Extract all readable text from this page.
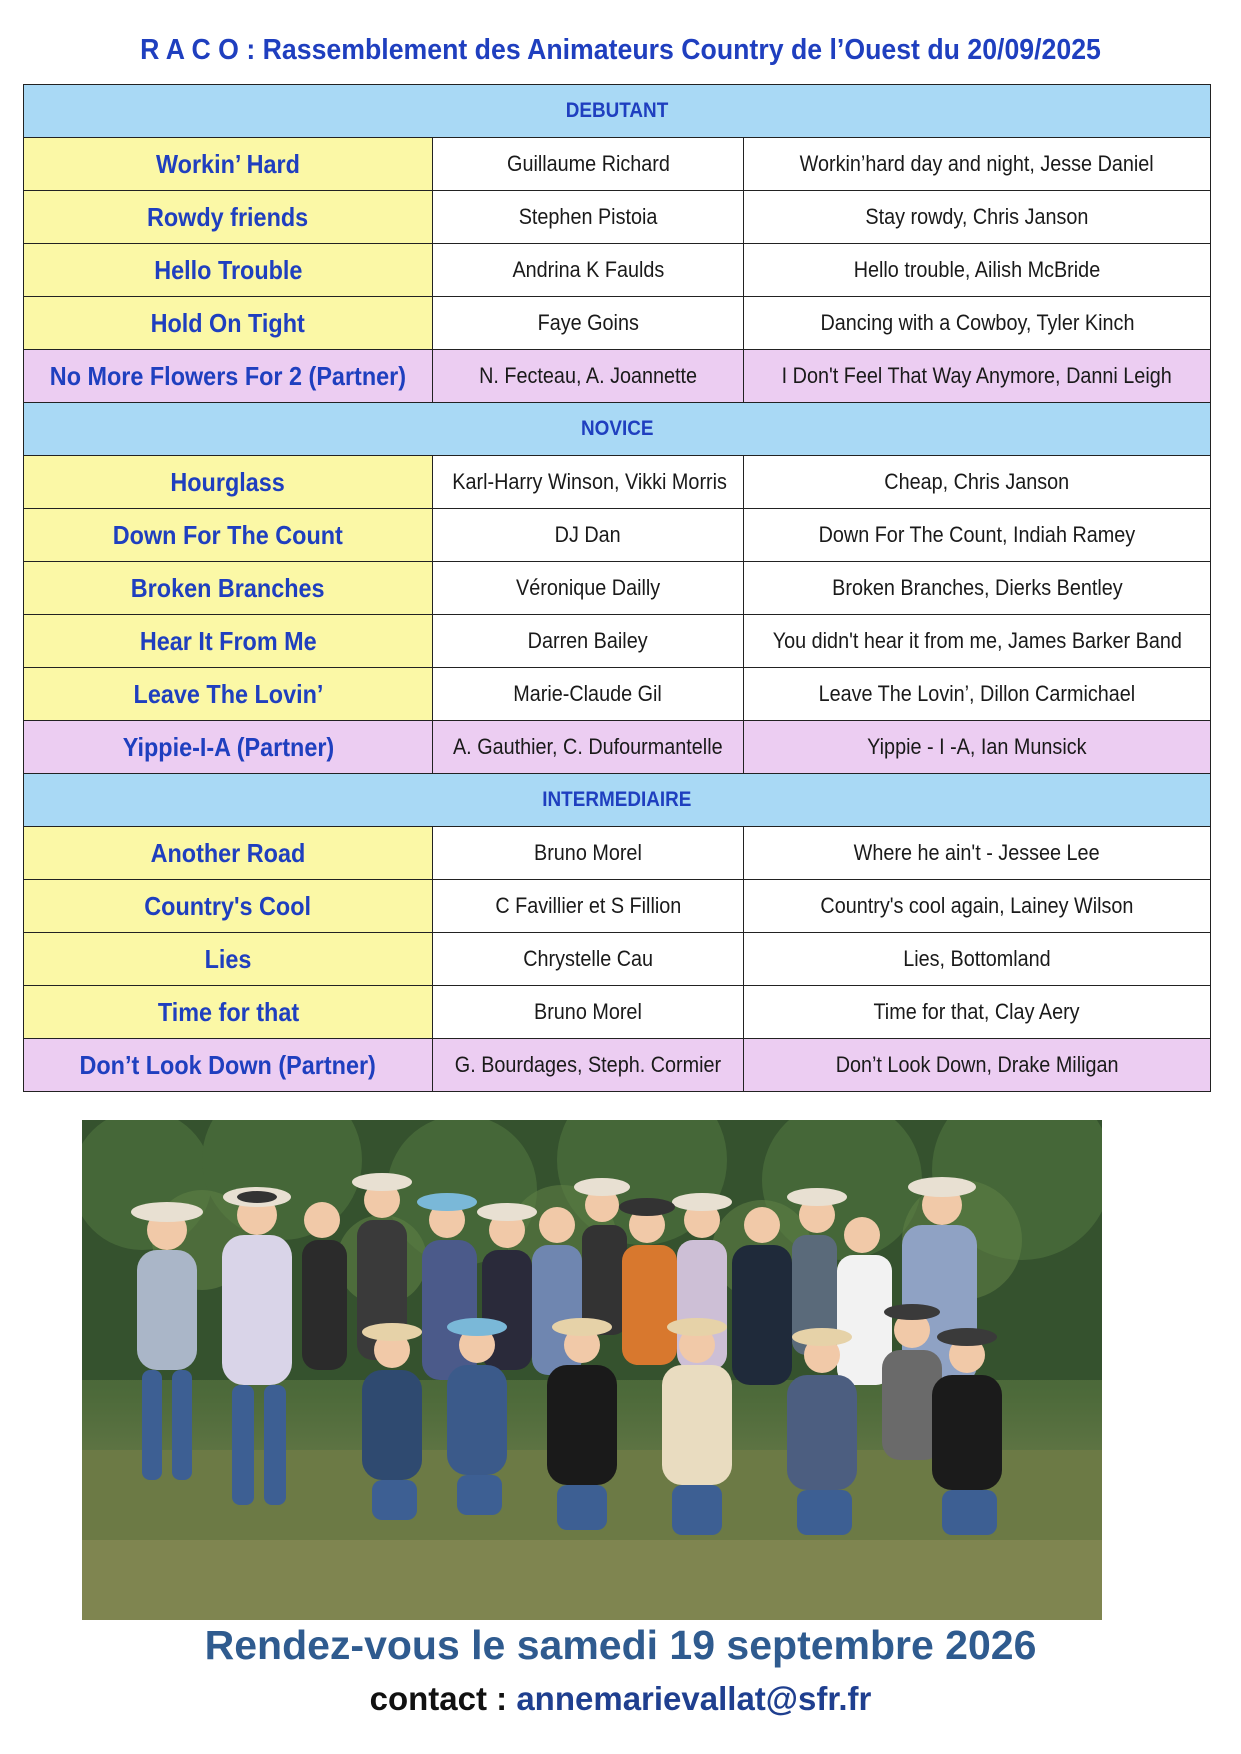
R A C O : Rassemblement des Animateurs Country de l’Ouest du 20/09/2025
DEBUTANT		
Workin’ Hard	Guillaume Richard	Workin’hard day and night, Jesse Daniel
Rowdy friends	Stephen Pistoia	Stay rowdy, Chris Janson
Hello Trouble	Andrina K Faulds	Hello trouble, Ailish McBride
Hold On Tight	Faye Goins	Dancing with a Cowboy, Tyler Kinch
No More Flowers For 2 (Partner)	N. Fecteau, A. Joannette	I Don't Feel That Way Anymore, Danni Leigh
NOVICE		
Hourglass	Karl-Harry Winson, Vikki Morris	Cheap, Chris Janson
Down For The Count	DJ Dan	Down For The Count, Indiah Ramey
Broken Branches	Véronique Dailly	Broken Branches, Dierks Bentley
Hear It From Me	Darren Bailey	You didn't hear it from me, James Barker Band
Leave The Lovin’	Marie-Claude Gil	Leave The Lovin’, Dillon Carmichael
Yippie-I-A (Partner)	A. Gauthier, C. Dufourmantelle	Yippie - I -A, Ian Munsick
INTERMEDIAIRE		
Another Road	Bruno Morel	Where he ain't - Jessee Lee
Country's Cool	C Favillier et S Fillion	Country's cool again, Lainey Wilson
Lies	Chrystelle Cau	Lies, Bottomland
Time for that	Bruno Morel	Time for that, Clay Aery
Don’t Look Down (Partner)	G. Bourdages, Steph. Cormier	Don’t Look Down, Drake Miligan
Rendez-vous le samedi 19 septembre 2026
contact : annemarievallat@sfr.fr
